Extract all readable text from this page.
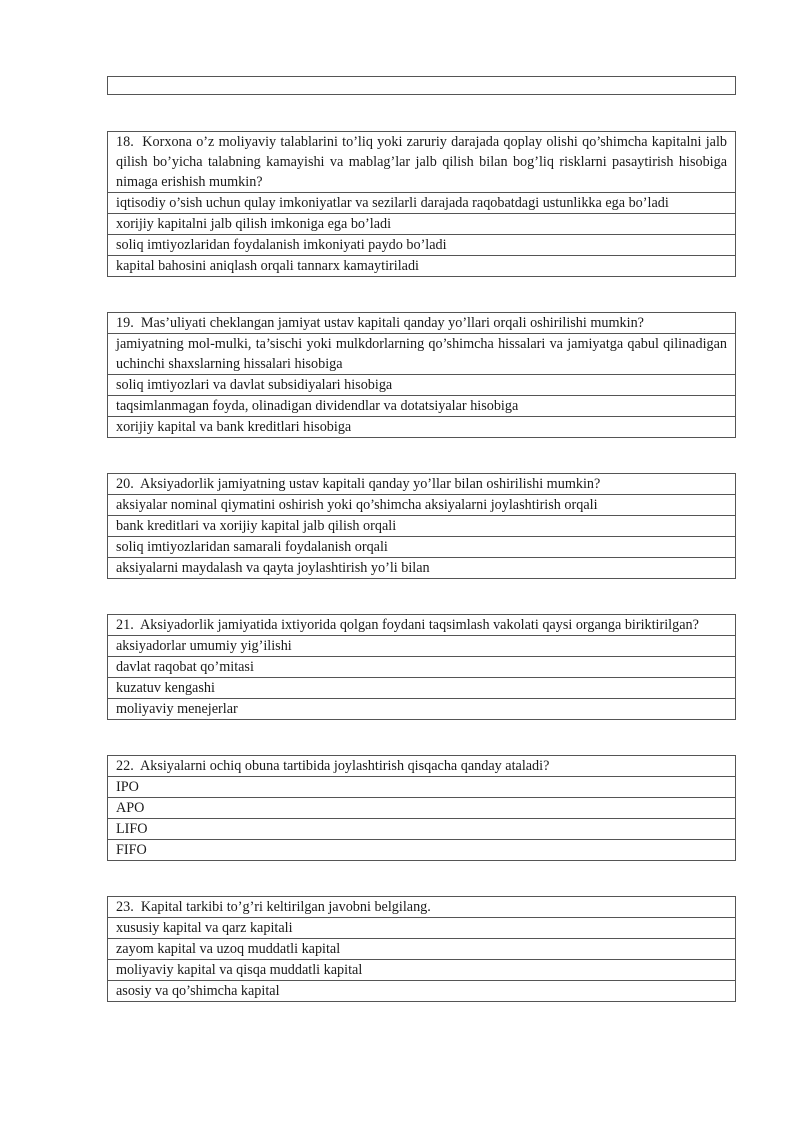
18. Korxona o’z moliyaviy talablarini to’liq yoki zaruriy darajada qoplay olishi qo’shimcha kapitalni jalb qilish bo’yicha talabning kamayishi va mablag’lar jalb qilish bilan bog’liq risklarni pasaytirish hisobiga nimaga erishish mumkin?
iqtisodiy o’sish uchun qulay imkoniyatlar va sezilarli darajada raqobatdagi ustunlikka ega bo’ladi
xorijiy kapitalni jalb qilish imkoniga ega bo’ladi
soliq imtiyozlaridan foydalanish imkoniyati paydo bo’ladi
kapital bahosini aniqlash orqali tannarx kamaytiriladi
19. Mas’uliyati cheklangan jamiyat ustav kapitali qanday yo’llari orqali oshirilishi mumkin?
jamiyatning mol-mulki, ta’sischi yoki mulkdorlarning qo’shimcha hissalari va jamiyatga qabul qilinadigan uchinchi shaxslarning hissalari hisobiga
soliq imtiyozlari va davlat subsidiyalari hisobiga
taqsimlanmagan foyda, olinadigan dividendlar va dotatsiyalar hisobiga
xorijiy kapital va bank kreditlari hisobiga
20. Aksiyadorlik jamiyatning ustav kapitali qanday yo’llar bilan oshirilishi mumkin?
aksiyalar nominal qiymatini oshirish yoki qo’shimcha aksiyalarni joylashtirish orqali
bank kreditlari va xorijiy kapital jalb qilish orqali
soliq imtiyozlaridan samarali foydalanish orqali
aksiyalarni maydalash va qayta joylashtirish yo’li bilan
21. Aksiyadorlik jamiyatida ixtiyorida qolgan foydani taqsimlash vakolati qaysi organga biriktirilgan?
aksiyadorlar umumiy yig’ilishi
davlat raqobat qo’mitasi
kuzatuv kengashi
moliyaviy menejerlar
22. Aksiyalarni ochiq obuna tartibida joylashtirish qisqacha qanday ataladi?
IPO
APO
LIFO
FIFO
23. Kapital tarkibi to’g’ri keltirilgan javobni belgilang.
xususiy kapital va qarz kapitali
zayom kapital va uzoq muddatli kapital
moliyaviy kapital va qisqa muddatli kapital
asosiy va qo’shimcha kapital
